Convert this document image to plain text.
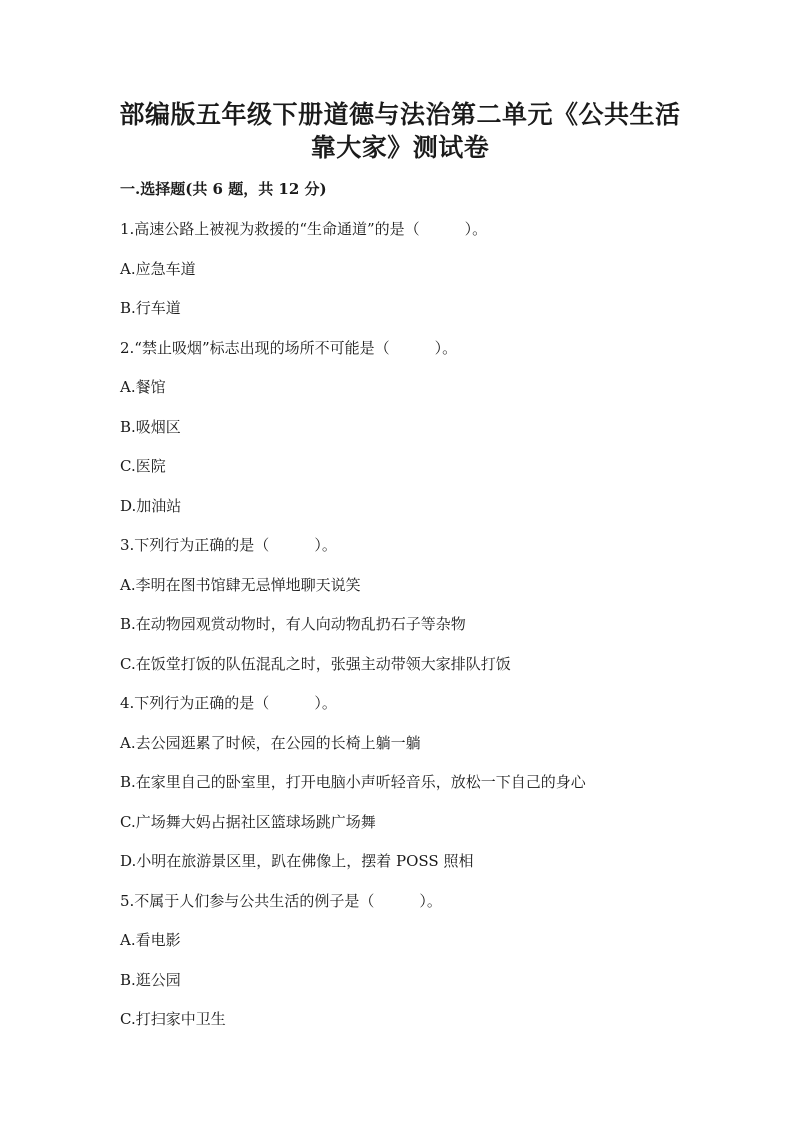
部编版五年级下册道德与法治第二单元《公共生活
靠大家》测试卷
一.选择题(共 6 题，共 12 分)
1.高速公路上被视为救援的“生命通道”的是（　　　）。
A.应急车道
B.行车道
2.“禁止吸烟”标志出现的场所不可能是（　　　）。
A.餐馆
B.吸烟区
C.医院
D.加油站
3.下列行为正确的是（　　　）。
A.李明在图书馆肆无忌惮地聊天说笑
B.在动物园观赏动物时，有人向动物乱扔石子等杂物
C.在饭堂打饭的队伍混乱之时，张强主动带领大家排队打饭
4.下列行为正确的是（　　　）。
A.去公园逛累了时候，在公园的长椅上躺一躺
B.在家里自己的卧室里，打开电脑小声听轻音乐，放松一下自己的身心
C.广场舞大妈占据社区篮球场跳广场舞
D.小明在旅游景区里，趴在佛像上，摆着 POSS 照相
5.不属于人们参与公共生活的例子是（　　　）。
A.看电影
B.逛公园
C.打扫家中卫生
